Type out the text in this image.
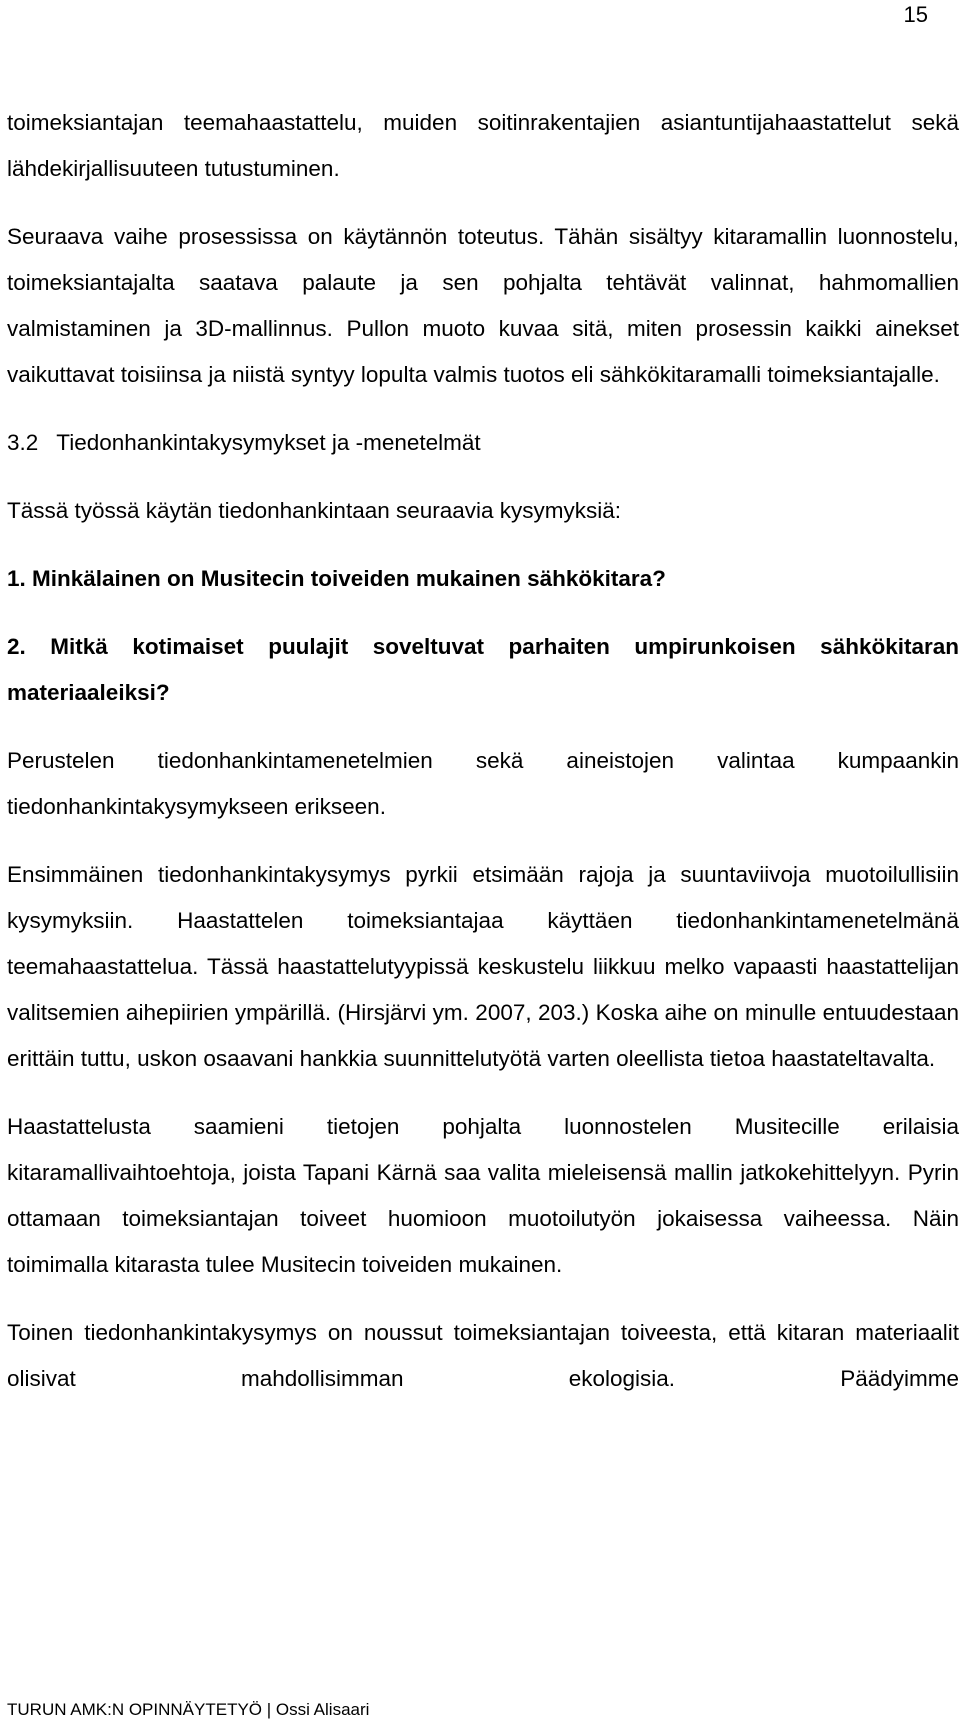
15

toimeksiantajan teemahaastattelu, muiden soitinrakentajien asiantuntijahaastattelut sekä lähdekirjallisuuteen tutustuminen.

Seuraava vaihe prosessissa on käytännön toteutus. Tähän sisältyy kitaramallin luonnostelu, toimeksiantajalta saatava palaute ja sen pohjalta tehtävät valinnat, hahmomallien valmistaminen ja 3D-mallinnus. Pullon muoto kuvaa sitä, miten prosessin kaikki ainekset vaikuttavat toisiinsa ja niistä syntyy lopulta valmis tuotos eli sähkökitaramalli toimeksiantajalle.

3.2 Tiedonhankintakysymykset ja -menetelmät

Tässä työssä käytän tiedonhankintaan seuraavia kysymyksiä:

1. Minkälainen on Musitecin toiveiden mukainen sähkökitara?

2. Mitkä kotimaiset puulajit soveltuvat parhaiten umpirunkoisen sähkökitaran materiaaleiksi?

Perustelen tiedonhankintamenetelmien sekä aineistojen valintaa kumpaankin tiedonhankintakysymykseen erikseen.

Ensimmäinen tiedonhankintakysymys pyrkii etsimään rajoja ja suuntaviivoja muotoilullisiin kysymyksiin. Haastattelen toimeksiantajaa käyttäen tiedonhankintamenetelmänä teemahaastattelua. Tässä haastattelutyypissä keskustelu liikkuu melko vapaasti haastattelijan valitsemien aihepiirien ympärillä. (Hirsjärvi ym. 2007, 203.) Koska aihe on minulle entuudestaan erittäin tuttu, uskon osaavani hankkia suunnittelutyötä varten oleellista tietoa haastateltavalta.

Haastattelusta saamieni tietojen pohjalta luonnostelen Musitecille erilaisia kitaramallivaihtoehtoja, joista Tapani Kärnä saa valita mieleisensä mallin jatkokehittelyyn. Pyrin ottamaan toimeksiantajan toiveet huomioon muotoilutyön jokaisessa vaiheessa. Näin toimimalla kitarasta tulee Musitecin toiveiden mukainen.

Toinen tiedonhankintakysymys on noussut toimeksiantajan toiveesta, että kitaran materiaalit olisivat mahdollisimman ekologisia. Päädyimme

TURUN AMK:N OPINNÄYTETYÖ | Ossi Alisaari
